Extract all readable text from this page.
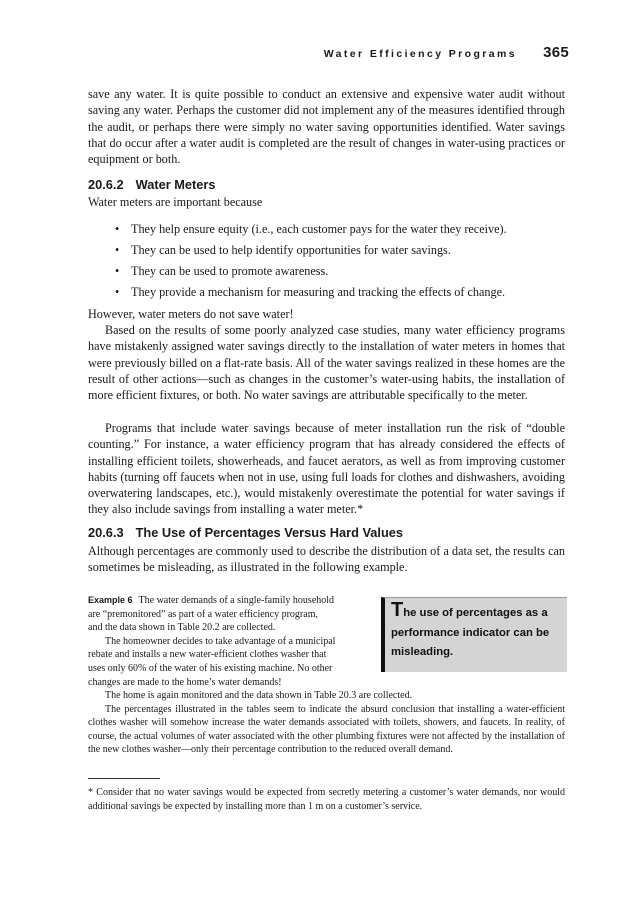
Water Efficiency Programs 365

save any water. It is quite possible to conduct an extensive and expensive water audit without saving any water. Perhaps the customer did not implement any of the measures identified through the audit, or perhaps there were simply no water saving opportunities identified. Water savings that do occur after a water audit is completed are the result of changes in water-using practices or equipment or both.

20.6.2 Water Meters

Water meters are important because

• They help ensure equity (i.e., each customer pays for the water they receive).
• They can be used to help identify opportunities for water savings.
• They can be used to promote awareness.
• They provide a mechanism for measuring and tracking the effects of change.

However, water meters do not save water!

Based on the results of some poorly analyzed case studies, many water efficiency programs have mistakenly assigned water savings directly to the installation of water meters in homes that were previously billed on a flat-rate basis. All of the water savings realized in these homes are the result of other actions—such as changes in the customer’s water-using habits, the installation of more efficient fixtures, or both. No water savings are attributable specifically to the meter.

Programs that include water savings because of meter installation run the risk of “double counting.” For instance, a water efficiency program that has already considered the effects of installing efficient toilets, showerheads, and faucet aerators, as well as from improving customer habits (turning off faucets when not in use, using full loads for clothes and dishwashers, avoiding overwatering landscapes, etc.), would mistakenly overestimate the potential for water savings if they also include savings from installing a water meter.*

20.6.3 The Use of Percentages Versus Hard Values

Although percentages are commonly used to describe the distribution of a data set, the results can sometimes be misleading, as illustrated in the following example.

Example 6 The water demands of a single-family household

are “premonitored” as part of a water efficiency program,

and the data shown in Table 20.2 are collected.

The homeowner decides to take advantage of a municipal

rebate and installs a new water-efficient clothes washer that

uses only 60% of the water of his existing machine. No other

changes are made to the home’s water demands!

The use of percentages as a performance indicator can be misleading.

The home is again monitored and the data shown in Table 20.3 are collected.

The percentages illustrated in the tables seem to indicate the absurd conclusion that installing a water-efficient clothes washer will somehow increase the water demands associated with toilets, showers, and faucets. In reality, of course, the actual volumes of water associated with the other plumbing fixtures were not affected by the installation of the new clothes washer—only their percentage contribution to the reduced overall demand.

* Consider that no water savings would be expected from secretly metering a customer’s water demands, nor would additional savings be expected by installing more than 1 m on a customer’s service.
